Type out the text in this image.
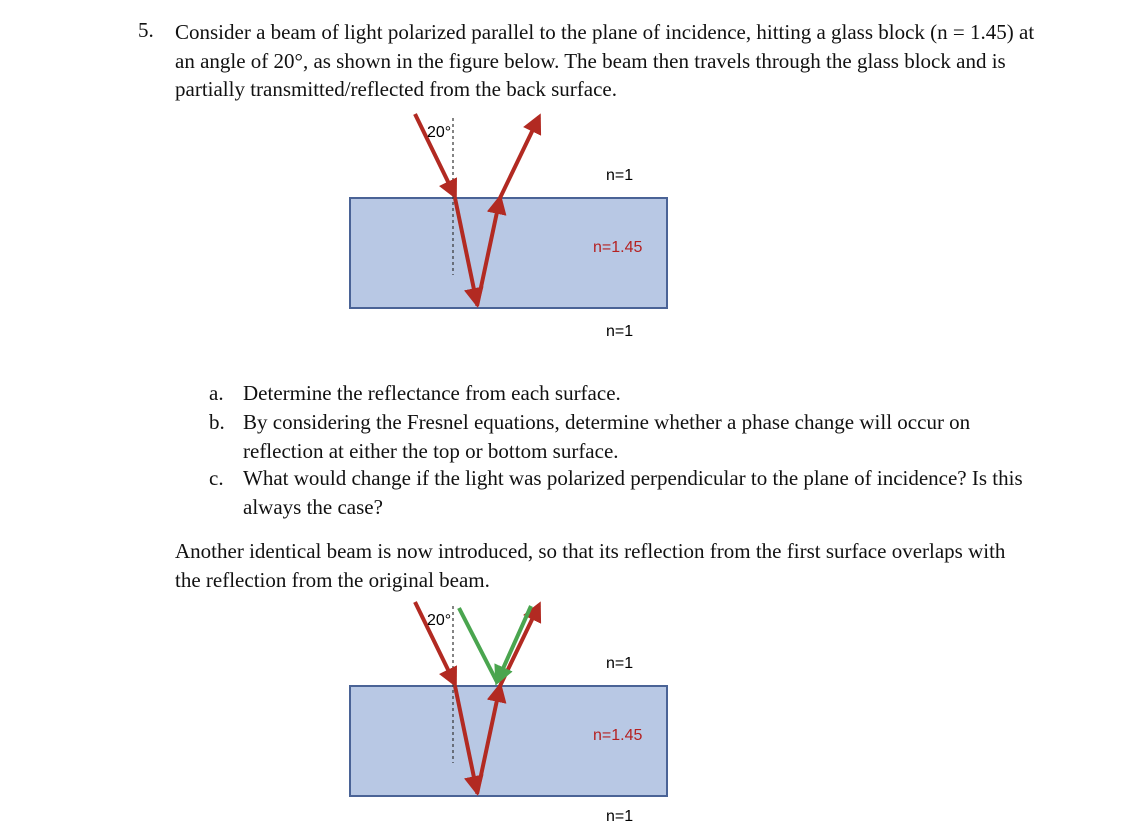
5. Consider a beam of light polarized parallel to the plane of incidence, hitting a glass block (n = 1.45) at an angle of 20°, as shown in the figure below. The beam then travels through the glass block and is partially transmitted/reflected from the back surface.

20°
n=1
n=1.45
n=1
a. Determine the reflectance from each surface.
b. By considering the Fresnel equations, determine whether a phase change will occur on reflection at either the top or bottom surface.
c. What would change if the light was polarized perpendicular to the plane of incidence? Is this always the case?

Another identical beam is now introduced, so that its reflection from the first surface overlaps with the reflection from the original beam.

20°
n=1
n=1.45
n=1
